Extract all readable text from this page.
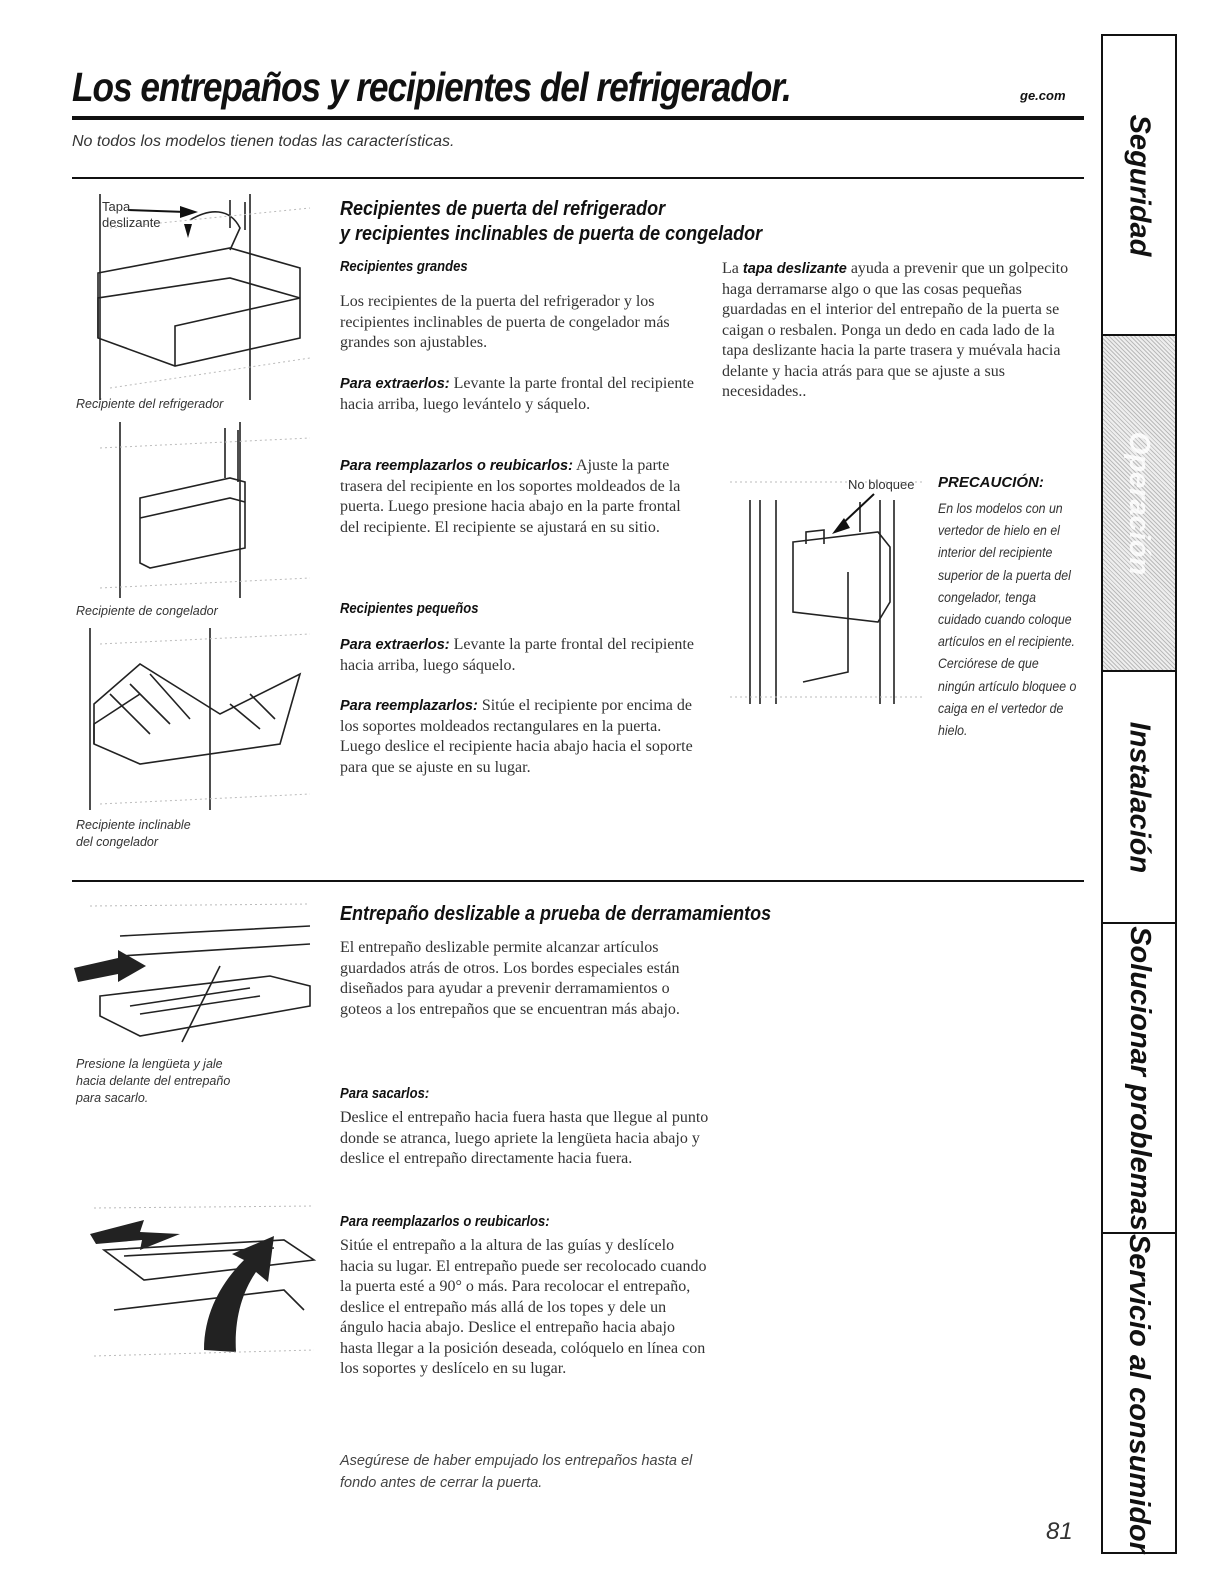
Los entrepaños y recipientes del refrigerador.	ge.com
No todos los modelos tienen todas las características.
Tapa
deslizante
Recipiente del refrigerador
Recipiente de congelador
Recipiente inclinable
del congelador
Recipientes de puerta del refrigerador
y recipientes inclinables de puerta de congelador
Recipientes grandes

Los recipientes de la puerta del refrigerador y los recipientes inclinables de puerta de congelador más grandes son ajustables.

Para extraerlos: Levante la parte frontal del recipiente hacia arriba, luego levántelo y sáquelo.

Para reemplazarlos o reubicarlos: Ajuste la parte trasera del recipiente en los soportes moldeados de la puerta. Luego presione hacia abajo en la parte frontal del recipiente. El recipiente se ajustará en su sitio.

Recipientes pequeños

Para extraerlos: Levante la parte frontal del recipiente hacia arriba, luego sáquelo.

Para reemplazarlos: Sitúe el recipiente por encima de los soportes moldeados rectangulares en la puerta. Luego deslice el recipiente hacia abajo hacia el soporte para que se ajuste en su lugar.

La tapa deslizante ayuda a prevenir que un golpecito haga derramarse algo o que las cosas pequeñas guardadas en el interior del entrepaño de la puerta se caigan o resbalen. Ponga un dedo en cada lado de la tapa deslizante hacia la parte trasera y muévala hacia delante y hacia atrás para que se ajuste a sus necesidades..

No bloquee PRECAUCIÓN:
En los modelos con un vertedor de hielo en el interior del recipiente superior de la puerta del congelador, tenga cuidado cuando coloque artículos en el recipiente. Cerciórese de que ningún artículo bloquee o caiga en el vertedor de hielo.
Presione la lengüeta y jale
hacia delante del entrepaño
para sacarlo.
Entrepaño deslizable a prueba de derramamientos

El entrepaño deslizable permite alcanzar artículos guardados atrás de otros. Los bordes especiales están diseñados para ayudar a prevenir derramamientos o goteos a los entrepaños que se encuentran más abajo.

Para sacarlos:

Deslice el entrepaño hacia fuera hasta que llegue al punto donde se atranca, luego apriete la lengüeta hacia abajo y deslice el entrepaño directamente hacia fuera.

Para reemplazarlos o reubicarlos:

Sitúe el entrepaño a la altura de las guías y deslícelo hacia su lugar. El entrepaño puede ser recolocado cuando la puerta esté a 90° o más. Para recolocar el entrepaño, deslice el entrepaño más allá de los topes y dele un ángulo hacia abajo. Deslice el entrepaño hacia abajo hasta llegar a la posición deseada, colóquelo en línea con los soportes y deslícelo en su lugar.

Asegúrese de haber empujado los entrepaños hasta el fondo antes de cerrar la puerta.
81
Seguridad
Operación
Instalación
Solucionar problemas
Servicio al consumidor
